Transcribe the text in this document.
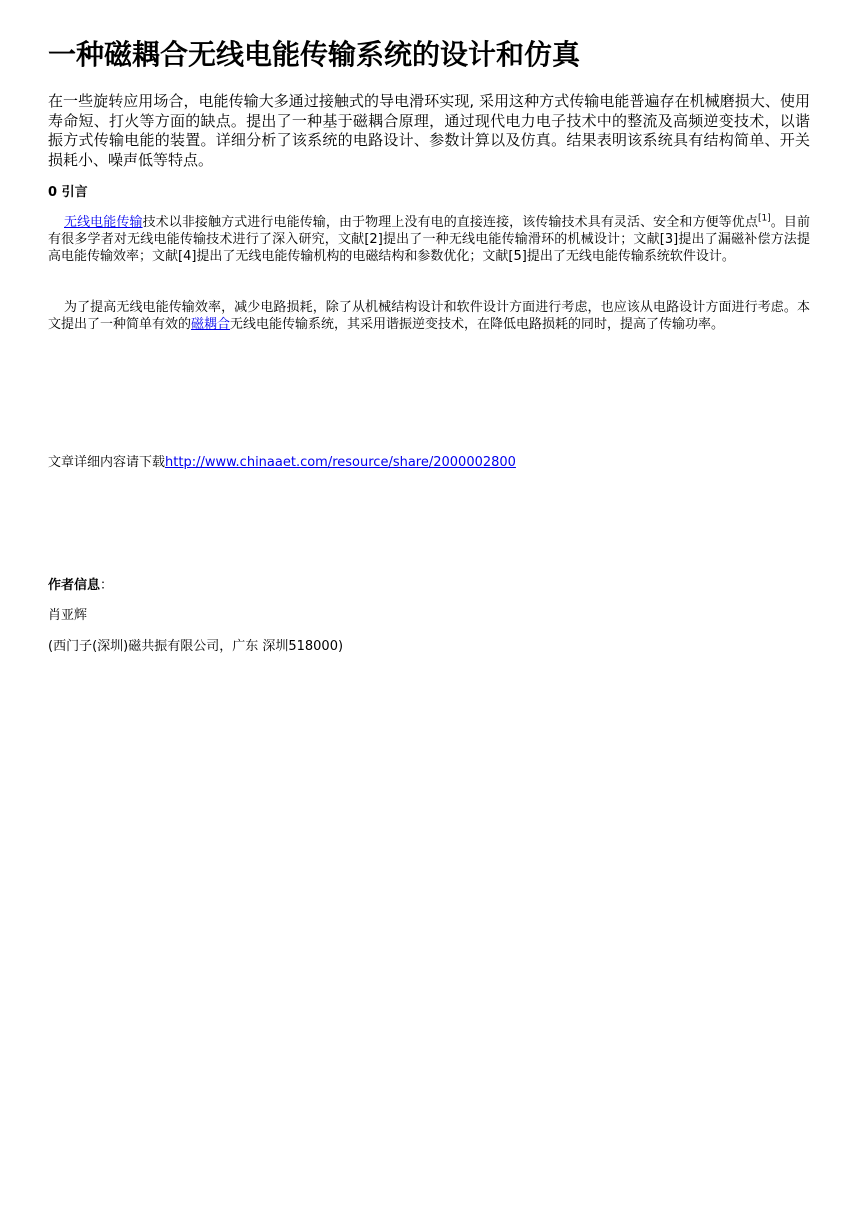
一种磁耦合无线电能传输系统的设计和仿真

在一些旋转应用场合，电能传输大多通过接触式的导电滑环实现, 采用这种方式传输电能普遍存在机械磨损大、使用寿命短、打火等方面的缺点。提出了一种基于磁耦合原理，通过现代电力电子技术中的整流及高频逆变技术，以谐振方式传输电能的装置。详细分析了该系统的电路设计、参数计算以及仿真。结果表明该系统具有结构简单、开关损耗小、噪声低等特点。

0 引言

无线电能传输技术以非接触方式进行电能传输，由于物理上没有电的直接连接，该传输技术具有灵活、安全和方便等优点[1]。目前有很多学者对无线电能传输技术进行了深入研究，文献[2]提出了一种无线电能传输滑环的机械设计；文献[3]提出了漏磁补偿方法提高电能传输效率；文献[4]提出了无线电能传输机构的电磁结构和参数优化；文献[5]提出了无线电能传输系统软件设计。

为了提高无线电能传输效率，减少电路损耗，除了从机械结构设计和软件设计方面进行考虑，也应该从电路设计方面进行考虑。本文提出了一种简单有效的磁耦合无线电能传输系统，其采用谐振逆变技术，在降低电路损耗的同时，提高了传输功率。

文章详细内容请下载http://www.chinaaet.com/resource/share/2000002800

作者信息：

肖亚辉

(西门子(深圳)磁共振有限公司，广东 深圳518000)
